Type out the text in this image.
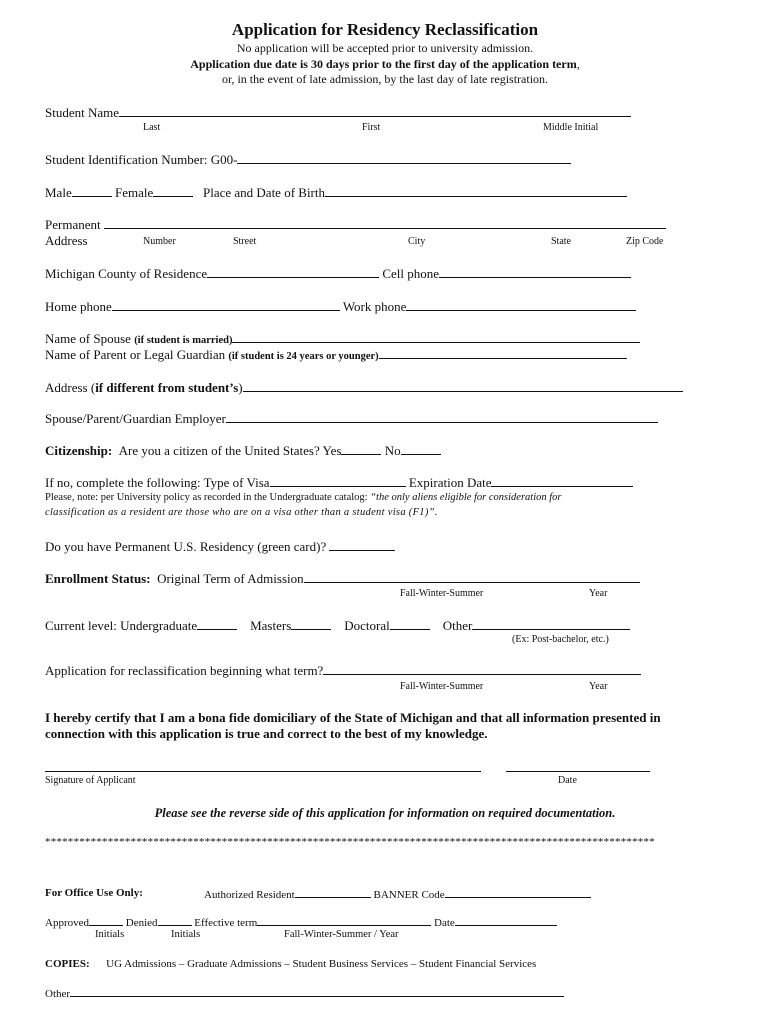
Application for Residency Reclassification
No application will be accepted prior to university admission.
Application due date is 30 days prior to the first day of the application term,
or, in the event of late admission, by the last day of late registration.
Student Name
Last	First	Middle Initial
Student Identification Number: G00-
Male	Female	Place and Date of Birth
Permanent
Address	Number	Street	City	State	Zip Code
Michigan County of Residence	Cell phone
Home phone	Work phone
Name of Spouse (if student is married)
Name of Parent or Legal Guardian (if student is 24 years or younger)
Address (if different from student’s)
Spouse/Parent/Guardian Employer
Citizenship: Are you a citizen of the United States? Yes	No
If no, complete the following: Type of Visa	Expiration Date
Please, note: per University policy as recorded in the Undergraduate catalog: “the only aliens eligible for consideration for
classification as a resident are those who are on a visa other than a student visa (F1)”.
Do you have Permanent U.S. Residency (green card)?
Enrollment Status: Original Term of Admission
Fall-Winter-Summer	Year
Current level: Undergraduate	Masters	Doctoral	Other
(Ex: Post-bachelor, etc.)
Application for reclassification beginning what term?
Fall-Winter-Summer	Year
I hereby certify that I am a bona fide domiciliary of the State of Michigan and that all information presented in
connection with this application is true and correct to the best of my knowledge.
Signature of Applicant	Date
Please see the reverse side of this application for information on required documentation.
***********************************************************************************************************
For Office Use Only:	Authorized Resident	BANNER Code
Approved	Denied	Effective term	Date
Initials	Initials	Fall-Winter-Summer / Year
COPIES: UG Admissions – Graduate Admissions – Student Business Services – Student Financial Services
Other
